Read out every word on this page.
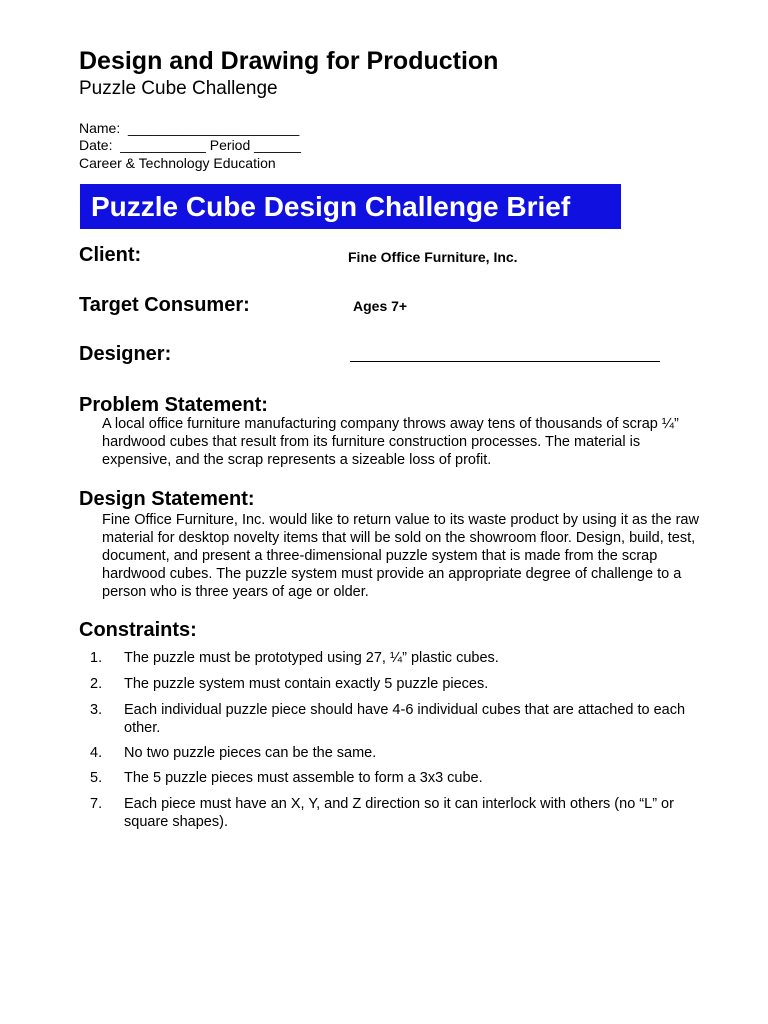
Design and Drawing for Production
Puzzle Cube Challenge
Name:  ______________________
Date:  ___________ Period ______
Career & Technology Education
Puzzle Cube Design Challenge Brief
Client:	Fine Office Furniture, Inc.
Target Consumer:	Ages 7+
Designer:
Problem Statement:
A local office furniture manufacturing company throws away tens of thousands of scrap ¼” hardwood cubes that result from its furniture construction processes. The material is expensive, and the scrap represents a sizeable loss of profit.
Design Statement:
Fine Office Furniture, Inc. would like to return value to its waste product by using it as the raw material for desktop novelty items that will be sold on the showroom floor. Design, build, test, document, and present a three-dimensional puzzle system that is made from the scrap hardwood cubes. The puzzle system must provide an appropriate degree of challenge to a person who is three years of age or older.
Constraints:
1. The puzzle must be prototyped using 27, ¼” plastic cubes.
2. The puzzle system must contain exactly 5 puzzle pieces.
3. Each individual puzzle piece should have 4-6 individual cubes that are attached to each other.
4. No two puzzle pieces can be the same.
5. The 5 puzzle pieces must assemble to form a 3x3 cube.
7. Each piece must have an X, Y, and Z direction so it can interlock with others (no “L” or square shapes).
